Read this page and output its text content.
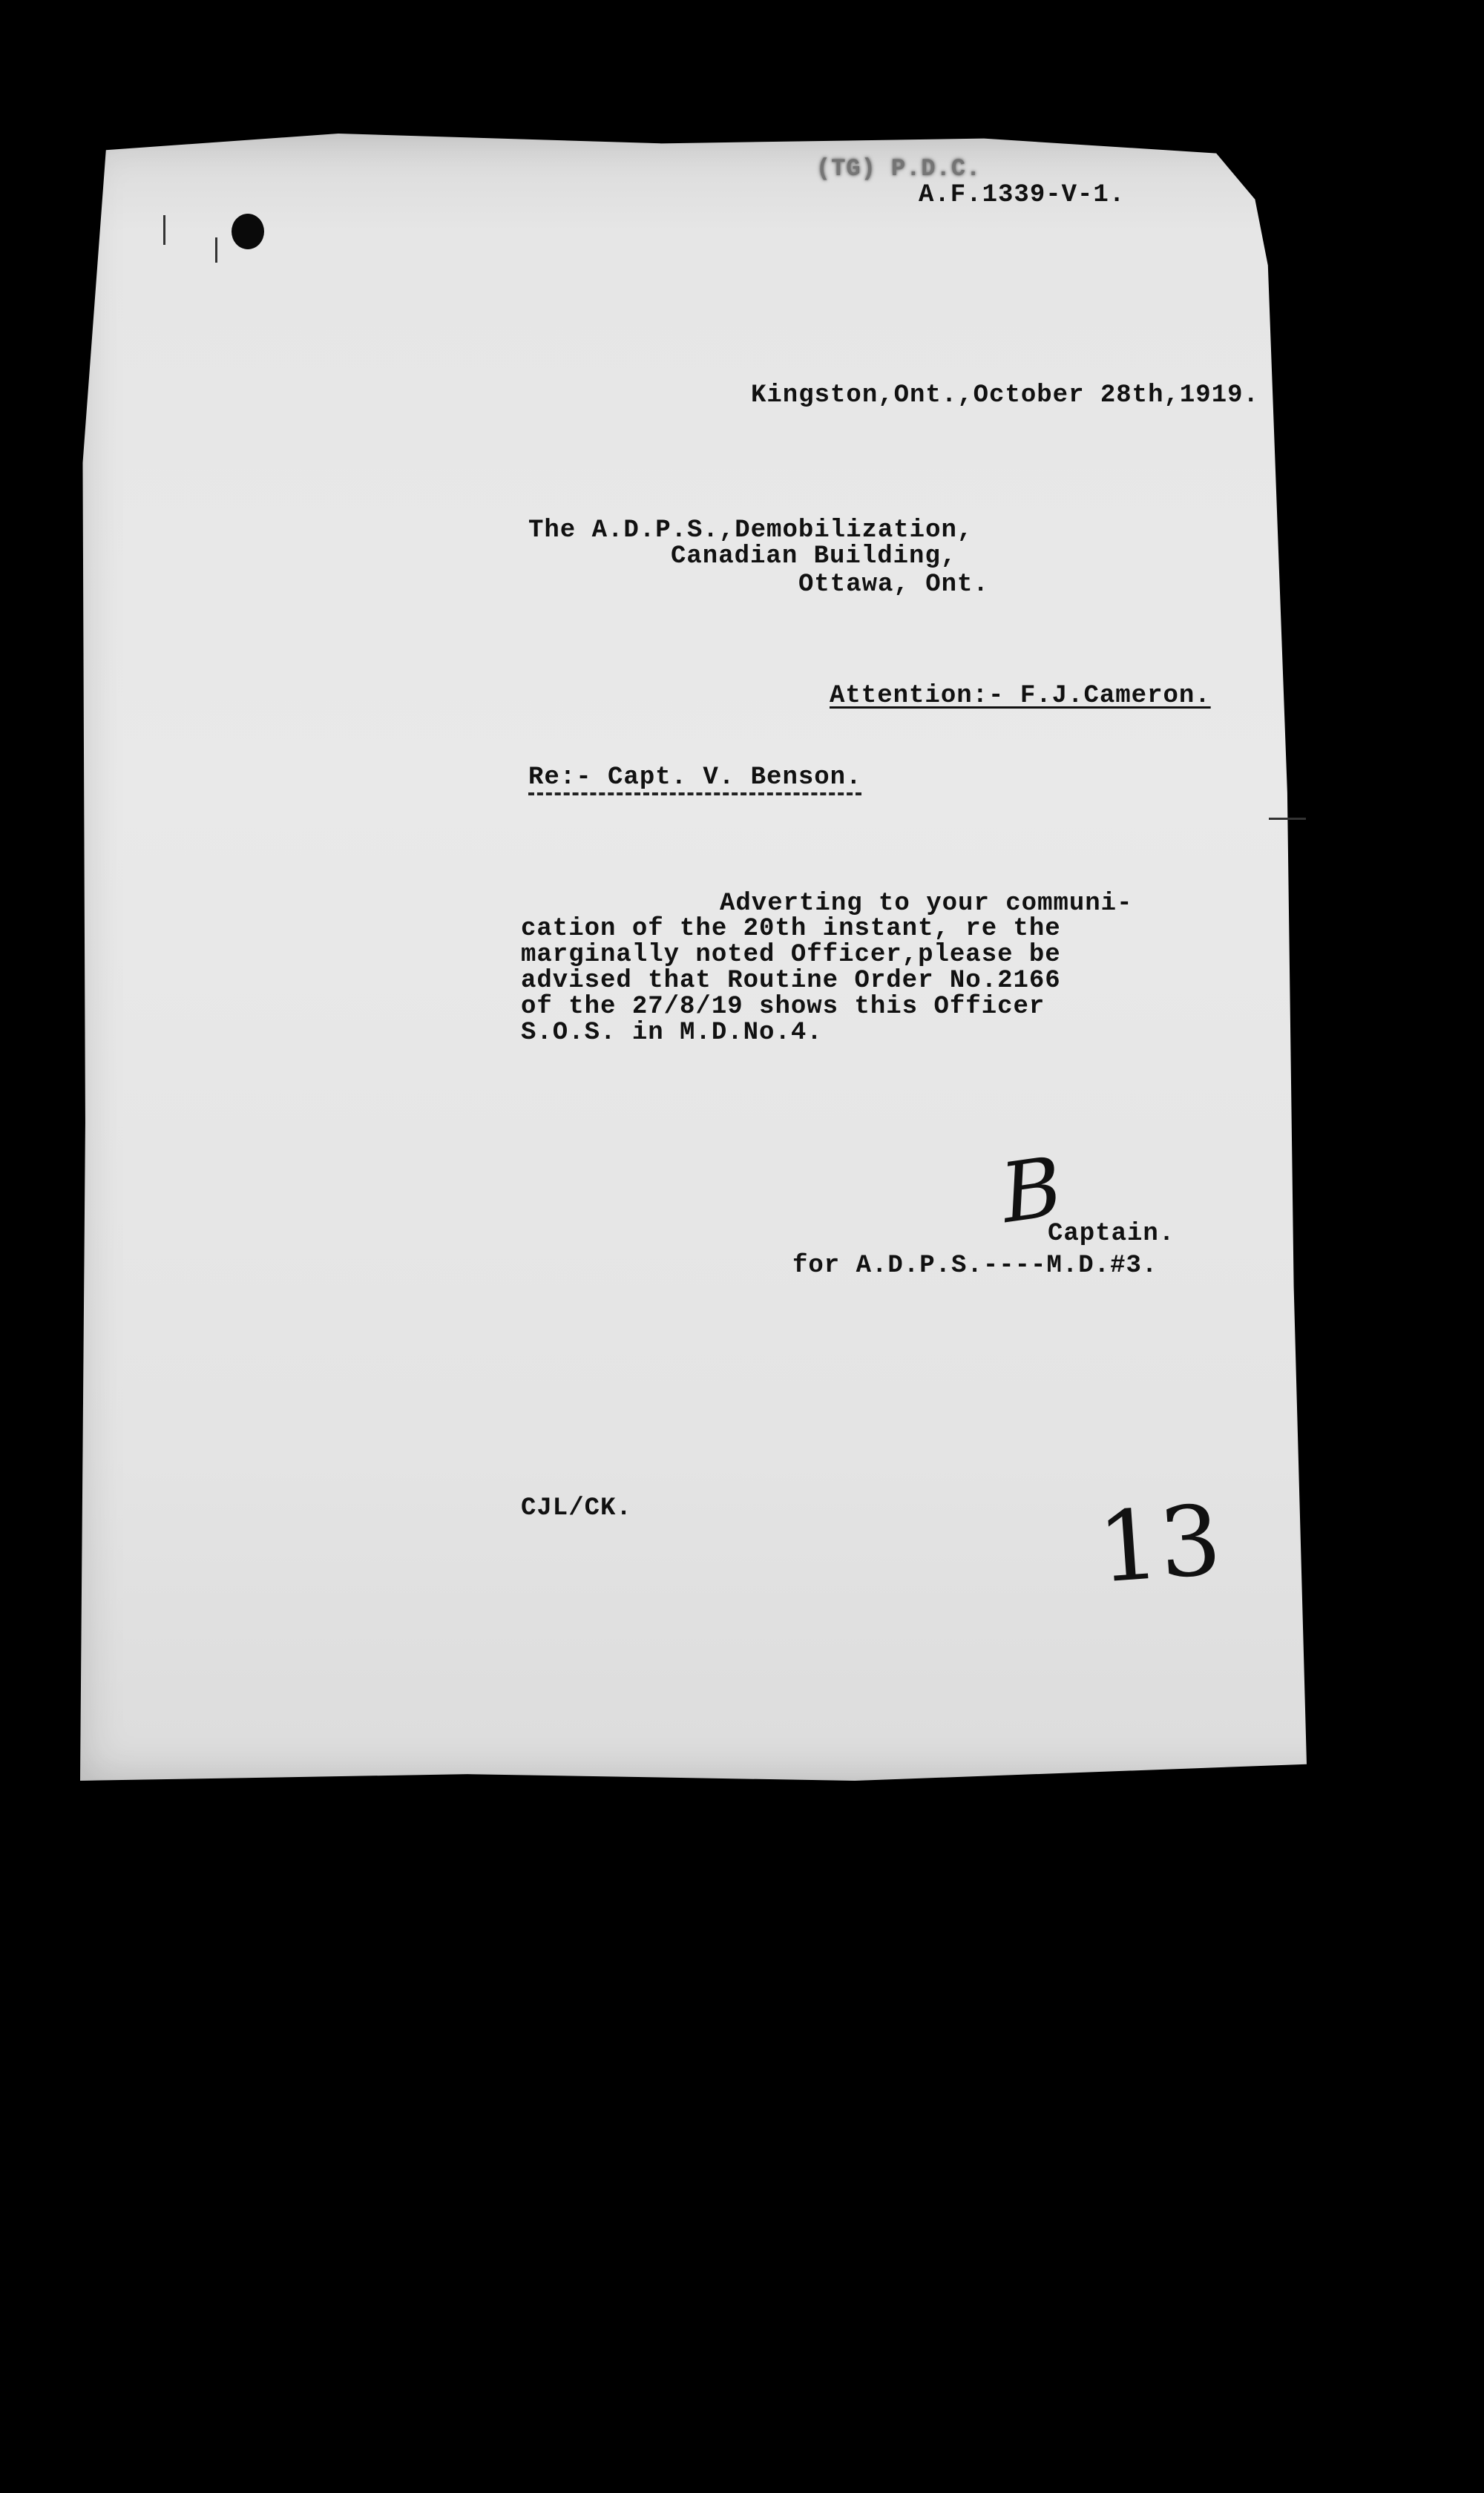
(TG) P.D.C.
A.F.1339-V-1.
Kingston,Ont.,October 28th,1919.
The A.D.P.S.,Demobilization,
Canadian Building,
Ottawa, Ont.
Attention:- F.J.Cameron.
Re:- Capt. V. Benson.
Adverting to your communi-
cation of the 20th instant, re the
marginally noted Officer,please be
advised that Routine Order No.2166
of the 27/8/19 shows this Officer
S.O.S. in M.D.No.4.
B
Captain.
for A.D.P.S.----M.D.#3.
CJL/CK.	13
